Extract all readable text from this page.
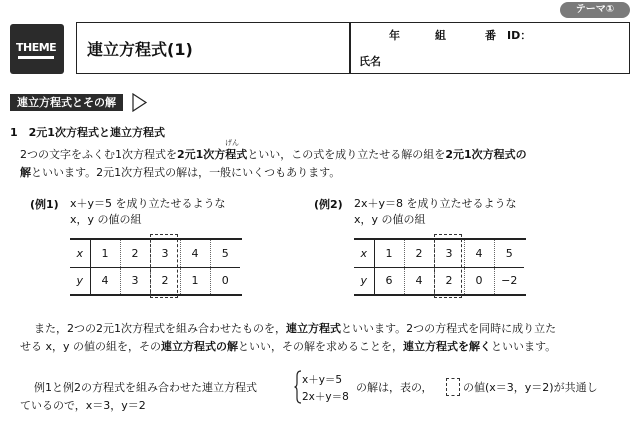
テーマ①
THEME 連立方程式(1)
年	組	番 ID：
氏名
連立方程式とその解
1　2元1次方程式と連立方程式
げん
2つの文字をふくむ1次方程式を2元1次方程式といい，この式を成り立たせる解の組を2元1次方程式の
解といいます。2元1次方程式の解は，一般にいくつもあります。
(例1) x＋y＝5 を成り立たせるような
x，y の値の組
x	1	2	3	4	5
y	4	3	2	1	0
(例2) 2x＋y＝8 を成り立たせるような
x，y の値の組
x	1	2	3	4	5
y	6	4	2	0	−2
また，2つの2元1次方程式を組み合わせたものを，連立方程式といいます。2つの方程式を同時に成り立た
せる x，y の値の組を，その連立方程式の解といい，その解を求めることを，連立方程式を解くといいます。
例1と例2の方程式を組み合わせた連立方程式
x＋y＝5
2x＋y＝8
の解は，表の，	の値(x＝3，y＝2)が共通し
ているので，x＝3，y＝2
